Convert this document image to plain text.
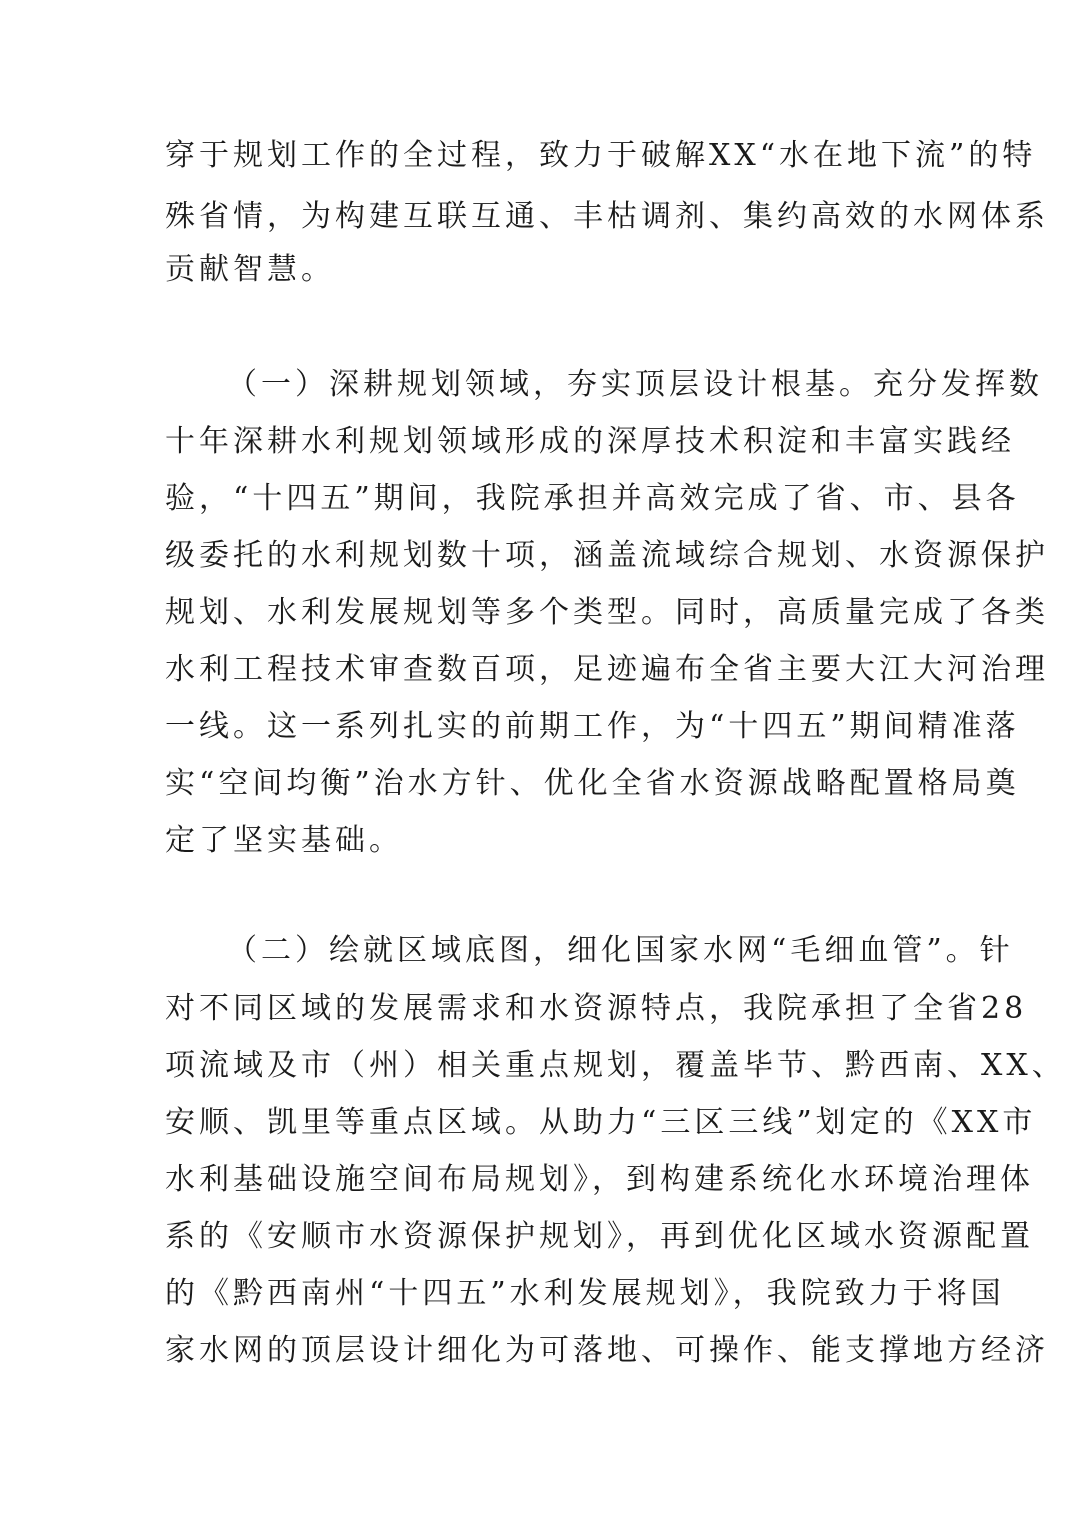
穿于规划工作的全过程，致力于破解XX“水在地下流”的特
殊省情，为构建互联互通、丰枯调剂、集约高效的水网体系
贡献智慧。
（一）深耕规划领域，夯实顶层设计根基。充分发挥数
十年深耕水利规划领域形成的深厚技术积淀和丰富实践经
验，“十四五”期间，我院承担并高效完成了省、市、县各
级委托的水利规划数十项，涵盖流域综合规划、水资源保护
规划、水利发展规划等多个类型。同时，高质量完成了各类
水利工程技术审查数百项，足迹遍布全省主要大江大河治理
一线。这一系列扎实的前期工作，为“十四五”期间精准落
实“空间均衡”治水方针、优化全省水资源战略配置格局奠
定了坚实基础。
（二）绘就区域底图，细化国家水网“毛细血管”。针
对不同区域的发展需求和水资源特点，我院承担了全省28
项流域及市（州）相关重点规划，覆盖毕节、黔西南、XX、
安顺、凯里等重点区域。从助力“三区三线”划定的《XX市
水利基础设施空间布局规划》，到构建系统化水环境治理体
系的《安顺市水资源保护规划》，再到优化区域水资源配置
的《黔西南州“十四五”水利发展规划》，我院致力于将国
家水网的顶层设计细化为可落地、可操作、能支撑地方经济
